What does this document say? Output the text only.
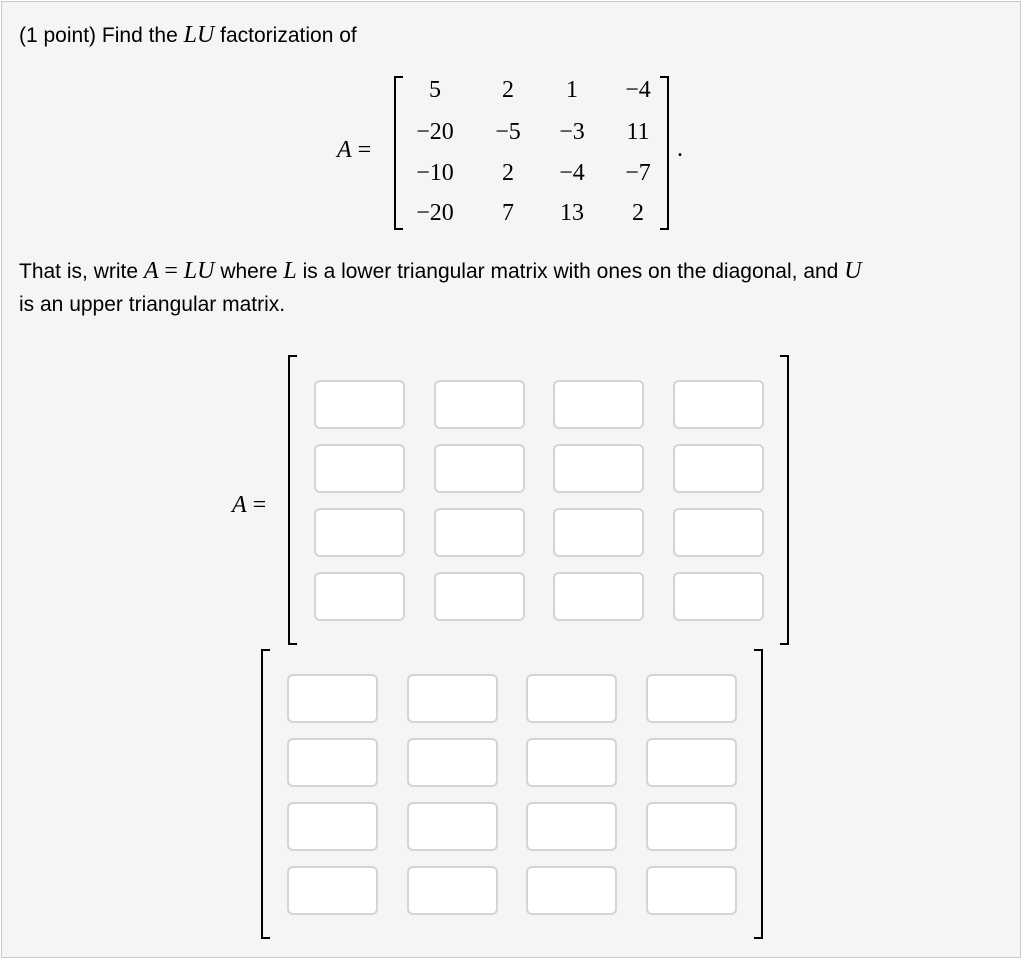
(1 point) Find the LU factorization of
A =	.
5	2	1	−4
−20	−5	−3	11
−10	2	−4	−7
−20	7	13	2
That is, write A = LU where L is a lower triangular matrix with ones on the diagonal, and U
is an upper triangular matrix.
A =
